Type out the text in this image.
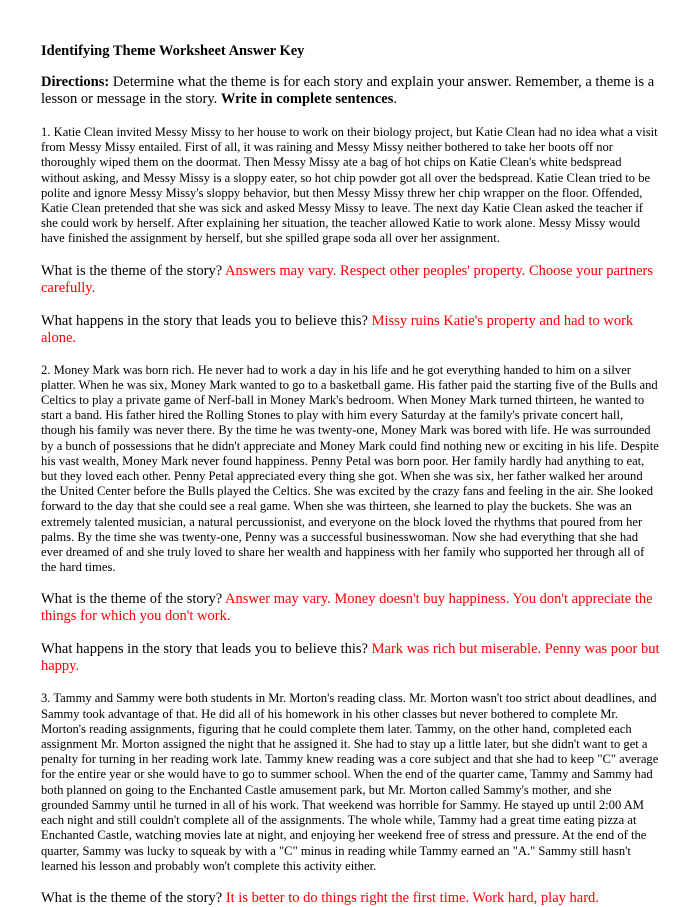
Identifying Theme Worksheet Answer Key
Directions: Determine what the theme is for each story and explain your answer. Remember, a theme is a lesson or message in the story. Write in complete sentences.
1. Katie Clean invited Messy Missy to her house to work on their biology project, but Katie Clean had no idea what a visit from Messy Missy entailed. First of all, it was raining and Messy Missy neither bothered to take her boots off nor thoroughly wiped them on the doormat. Then Messy Missy ate a bag of hot chips on Katie Clean's white bedspread without asking, and Messy Missy is a sloppy eater, so hot chip powder got all over the bedspread. Katie Clean tried to be polite and ignore Messy Missy's sloppy behavior, but then Messy Missy threw her chip wrapper on the floor. Offended, Katie Clean pretended that she was sick and asked Messy Missy to leave. The next day Katie Clean asked the teacher if she could work by herself. After explaining her situation, the teacher allowed Katie to work alone. Messy Missy would have finished the assignment by herself, but she spilled grape soda all over her assignment.
What is the theme of the story? Answers may vary. Respect other peoples' property. Choose your partners carefully.
What happens in the story that leads you to believe this? Missy ruins Katie's property and had to work alone.
2. Money Mark was born rich. He never had to work a day in his life and he got everything handed to him on a silver platter. When he was six, Money Mark wanted to go to a basketball game. His father paid the starting five of the Bulls and Celtics to play a private game of Nerf-ball in Money Mark's bedroom. When Money Mark turned thirteen, he wanted to start a band. His father hired the Rolling Stones to play with him every Saturday at the family's private concert hall, though his family was never there. By the time he was twenty-one, Money Mark was bored with life. He was surrounded by a bunch of possessions that he didn't appreciate and Money Mark could find nothing new or exciting in his life. Despite his vast wealth, Money Mark never found happiness. Penny Petal was born poor. Her family hardly had anything to eat, but they loved each other. Penny Petal appreciated every thing she got. When she was six, her father walked her around the United Center before the Bulls played the Celtics. She was excited by the crazy fans and feeling in the air. She looked forward to the day that she could see a real game. When she was thirteen, she learned to play the buckets. She was an extremely talented musician, a natural percussionist, and everyone on the block loved the rhythms that poured from her palms. By the time she was twenty-one, Penny was a successful businesswoman. Now she had everything that she had ever dreamed of and she truly loved to share her wealth and happiness with her family who supported her through all of the hard times.
What is the theme of the story? Answer may vary. Money doesn't buy happiness. You don't appreciate the things for which you don't work.
What happens in the story that leads you to believe this? Mark was rich but miserable. Penny was poor but happy.
3. Tammy and Sammy were both students in Mr. Morton's reading class. Mr. Morton wasn't too strict about deadlines, and Sammy took advantage of that. He did all of his homework in his other classes but never bothered to complete Mr. Morton's reading assignments, figuring that he could complete them later. Tammy, on the other hand, completed each assignment Mr. Morton assigned the night that he assigned it. She had to stay up a little later, but she didn't want to get a penalty for turning in her reading work late. Tammy knew reading was a core subject and that she had to keep "C" average for the entire year or she would have to go to summer school. When the end of the quarter came, Tammy and Sammy had both planned on going to the Enchanted Castle amusement park, but Mr. Morton called Sammy's mother, and she grounded Sammy until he turned in all of his work. That weekend was horrible for Sammy. He stayed up until 2:00 AM each night and still couldn't complete all of the assignments. The whole while, Tammy had a great time eating pizza at Enchanted Castle, watching movies late at night, and enjoying her weekend free of stress and pressure. At the end of the quarter, Sammy was lucky to squeak by with a "C" minus in reading while Tammy earned an "A." Sammy still hasn't learned his lesson and probably won't complete this activity either.
What is the theme of the story? It is better to do things right the first time. Work hard, play hard.
